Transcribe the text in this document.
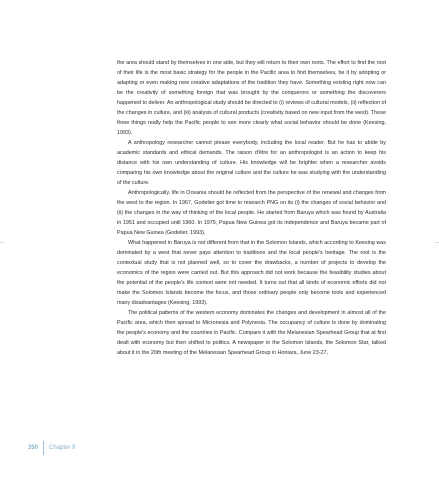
the area should stand by themselves in one side, but they will return to their own roots. The effort to find the root of their life is the most basic strategy for the people in the Pacific area to find themselves, be it by adopting or adapting or even making new creative adaptations of the tradition they have. Something existing right now can be the creativity of something foreign that was brought by the conquerors or something the discoverers happened to deliver. An anthropological study should be directed to (i) reviews of cultural models, (ii) reflection of the changes in culture, and (iii) analysis of cultural products (creativity based on new input from the west). These three things really help the Pacific people to see more clearly what social behavior should be done (Keesing, 1993).

A anthropology researcher cannot please everybody, including the local reader. But he has to abide by academic standards and ethical demands. The raison d'être for an anthropologist is an action to keep his distance with his own understanding of culture. His knowledge will be brighter when a researcher avoids comparing his own knowledge about the original culture and the culture he was studying with the understanding of the culture.

Anthropologically, life in Oceania should be reflected from the perspective of the renewal and changes from the west to the region. In 1967, Godelier got time to research PNG on its (i) the changes of social behavior and (ii) the changes in the way of thinking of the local people. He started from Baruya which was found by Australia in 1951 and occupied until 1960. In 1975, Papua New Guinea got its independence and Baruya became part of Papua New Guinea (Godelier, 1993).

What happened in Baruya is not different from that in the Solomon Islands, which according to Keesing was dominated by a west that never pays attention to traditions and the local people's heritage. The root is the contextual study that is not planned well, so to cover the drawbacks, a number of projects to develop the economics of the region were carried out. But this approach did not work because the feasibility studies about the potential of the people's life context were not needed. It turns out that all kinds of economic efforts did not make the Solomon Islands become the focus, and those ordinary people only become tools and experienced many disadvantages (Keesing, 1993).

The political patterns of the western economy dominates the changes and development in almost all of the Pacific area, which then spread to Micronesia and Polynesia. The occupancy of culture is done by dominating the people's economy and the countries in Pacific. Compare it with the Melanesian Spearhead Group that at first dealt with economy but then shifted to politics. A newspaper in the Solomon Islands, the Solomon Star, talked about it in the 20th meeting of the Melanesian Spearhead Group in Honiara, June 23-27,

350 Chapter 9
